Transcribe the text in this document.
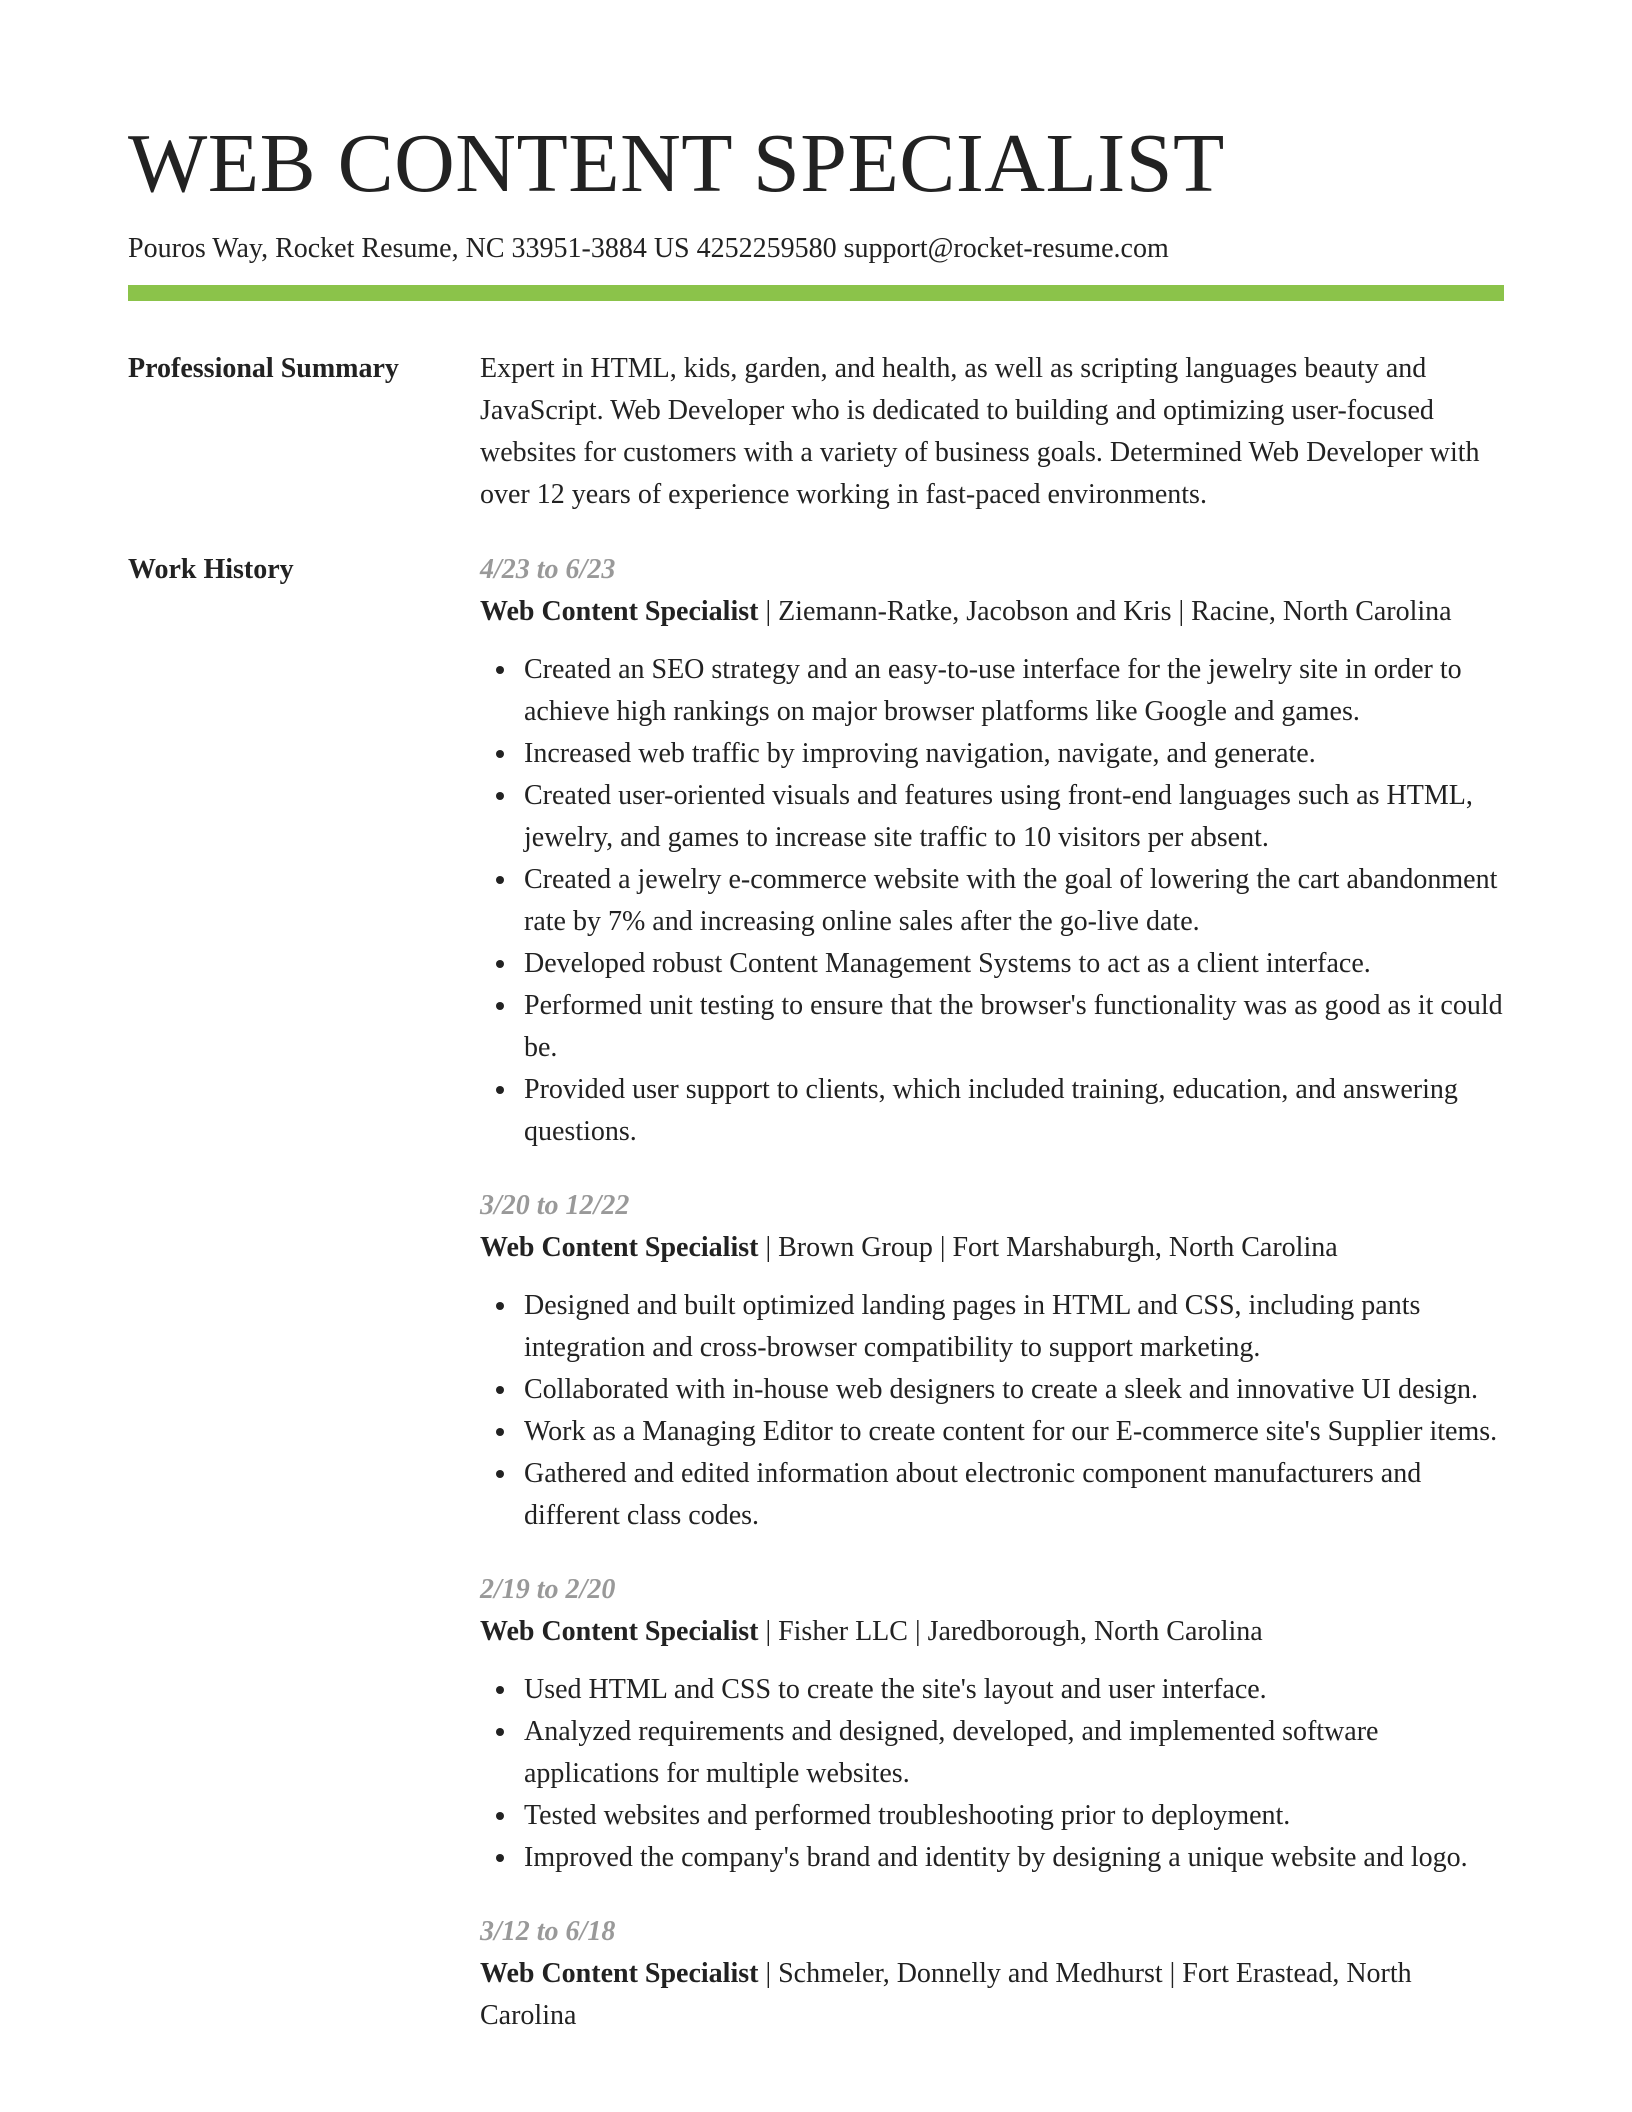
WEB CONTENT SPECIALIST
Pouros Way, Rocket Resume, NC 33951-3884 US 4252259580 support@rocket-resume.com
Professional Summary	Expert in HTML, kids, garden, and health, as well as scripting languages beauty and JavaScript. Web Developer who is dedicated to building and optimizing user-focused websites for customers with a variety of business goals. Determined Web Developer with over 12 years of experience working in fast-paced environments.

Work History	4/23 to 6/23
Web Content Specialist | Ziemann-Ratke, Jacobson and Kris | Racine, North Carolina
Created an SEO strategy and an easy-to-use interface for the jewelry site in order to achieve high rankings on major browser platforms like Google and games.
Increased web traffic by improving navigation, navigate, and generate.
Created user-oriented visuals and features using front-end languages such as HTML, jewelry, and games to increase site traffic to 10 visitors per absent.
Created a jewelry e-commerce website with the goal of lowering the cart abandonment rate by 7% and increasing online sales after the go-live date.
Developed robust Content Management Systems to act as a client interface.
Performed unit testing to ensure that the browser's functionality was as good as it could be.
Provided user support to clients, which included training, education, and answering questions.
3/20 to 12/22
Web Content Specialist | Brown Group | Fort Marshaburgh, North Carolina
Designed and built optimized landing pages in HTML and CSS, including pants integration and cross-browser compatibility to support marketing.
Collaborated with in-house web designers to create a sleek and innovative UI design.
Work as a Managing Editor to create content for our E-commerce site's Supplier items.
Gathered and edited information about electronic component manufacturers and different class codes.
2/19 to 2/20
Web Content Specialist | Fisher LLC | Jaredborough, North Carolina
Used HTML and CSS to create the site's layout and user interface.
Analyzed requirements and designed, developed, and implemented software applications for multiple websites.
Tested websites and performed troubleshooting prior to deployment.
Improved the company's brand and identity by designing a unique website and logo.
3/12 to 6/18
Web Content Specialist | Schmeler, Donnelly and Medhurst | Fort Erastead, North Carolina
